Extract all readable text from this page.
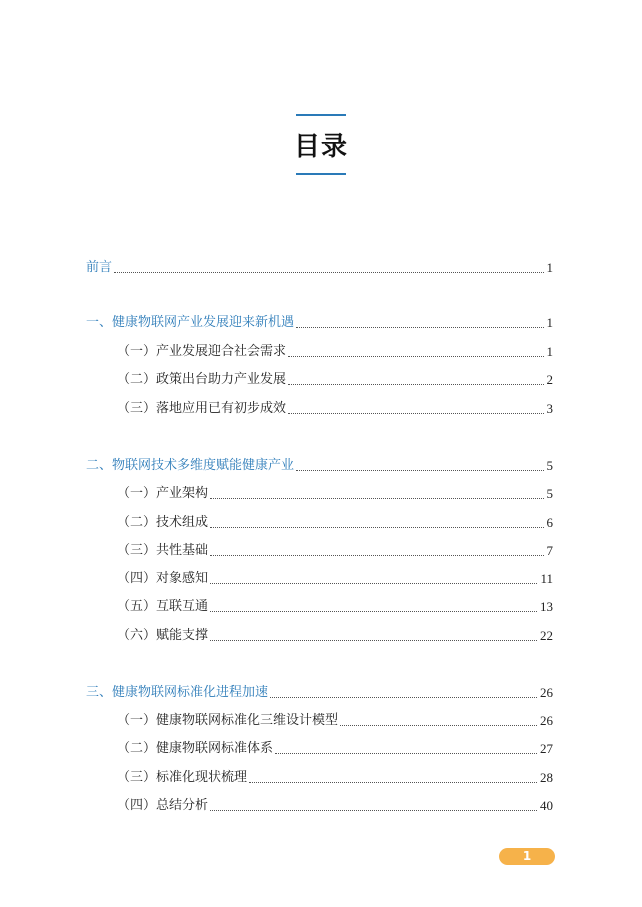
目录
前言	1
一、健康物联网产业发展迎来新机遇	1
（一）产业发展迎合社会需求	1
（二）政策出台助力产业发展	2
（三）落地应用已有初步成效	3
二、物联网技术多维度赋能健康产业	5
（一）产业架构	5
（二）技术组成	6
（三）共性基础	7
（四）对象感知	11
（五）互联互通	13
（六）赋能支撑	22
三、健康物联网标准化进程加速	26
（一）健康物联网标准化三维设计模型	26
（二）健康物联网标准体系	27
（三）标准化现状梳理	28
（四）总结分析	40
1
